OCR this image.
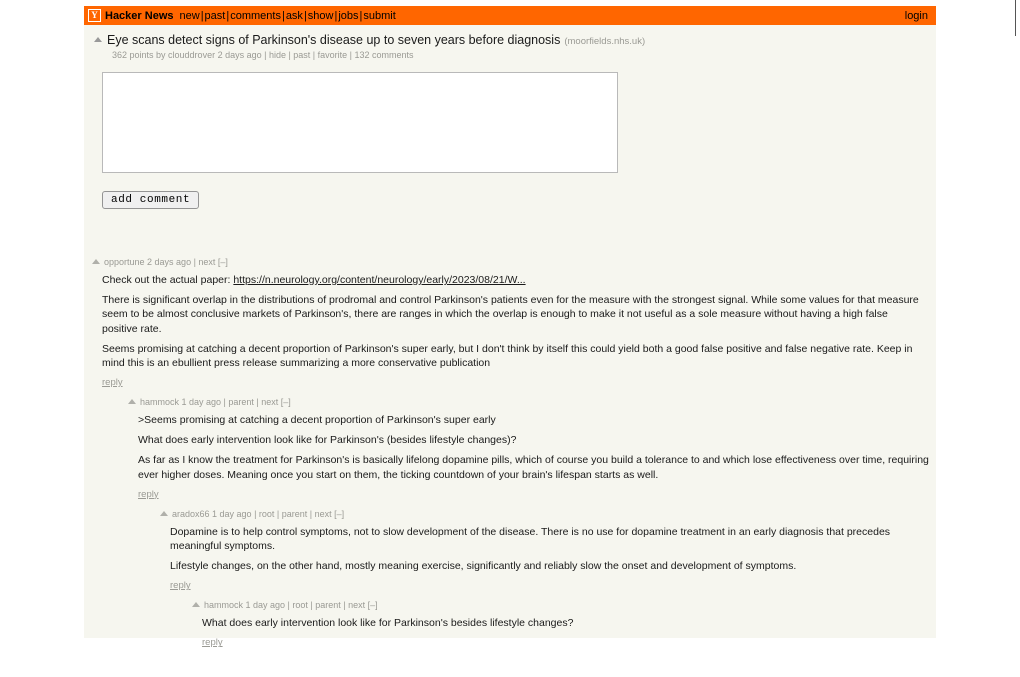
Y Hacker News new|past|comments|ask|show|jobs|submit	login
Eye scans detect signs of Parkinson's disease up to seven years before diagnosis (moorfields.nhs.uk)
362 points by clouddrover 2 days ago | hide | past | favorite | 132 comments
add comment
opportune 2 days ago | next [–]

Check out the actual paper: https://n.neurology.org/content/neurology/early/2023/08/21/W...

There is significant overlap in the distributions of prodromal and control Parkinson's patients even for the measure with the strongest signal. While some values for that measure seem to be almost conclusive markets of Parkinson's, there are ranges in which the overlap is enough to make it not useful as a sole measure without having a high false positive rate.

Seems promising at catching a decent proportion of Parkinson's super early, but I don't think by itself this could yield both a good false positive and false negative rate. Keep in mind this is an ebullient press release summarizing a more conservative publication

reply
hammock 1 day ago | parent | next [–]

>Seems promising at catching a decent proportion of Parkinson's super early

What does early intervention look like for Parkinson's (besides lifestyle changes)?

As far as I know the treatment for Parkinson's is basically lifelong dopamine pills, which of course you build a tolerance to and which lose effectiveness over time, requiring ever higher doses. Meaning once you start on them, the ticking countdown of your brain's lifespan starts as well.

reply
aradox66 1 day ago | root | parent | next [–]

Dopamine is to help control symptoms, not to slow development of the disease. There is no use for dopamine treatment in an early diagnosis that precedes meaningful symptoms.

Lifestyle changes, on the other hand, mostly meaning exercise, significantly and reliably slow the onset and development of symptoms.

reply
hammock 1 day ago | root | parent | next [–]

What does early intervention look like for Parkinson's besides lifestyle changes?

reply
